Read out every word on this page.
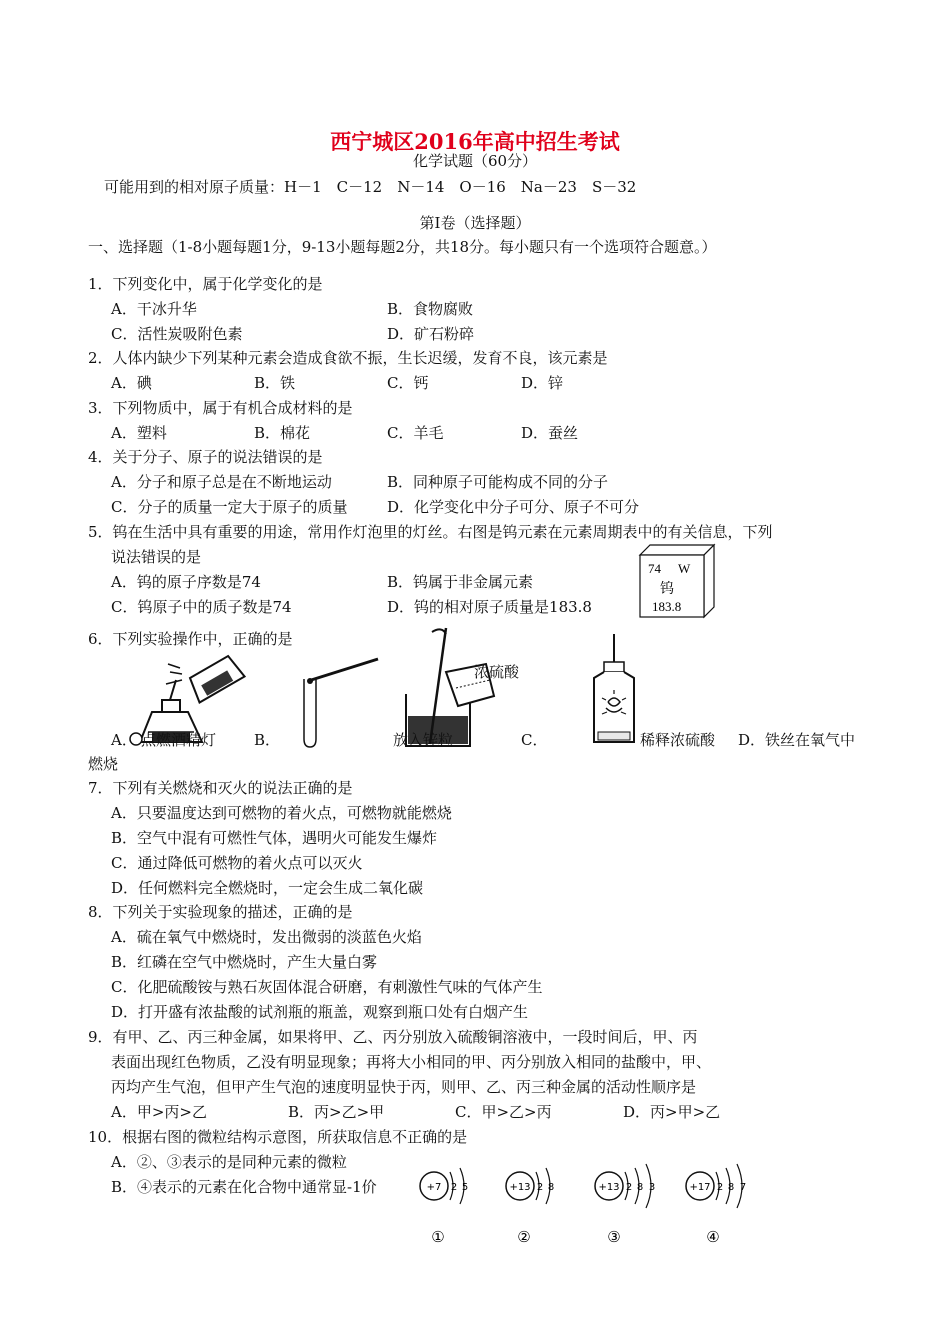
西宁城区2016年高中招生考试
化学试题（60分）
可能用到的相对原子质量：H－1　C－12　N－14　O－16　Na－23　S－32
第Ⅰ卷（选择题）
一、选择题（1-8小题每题1分，9-13小题每题2分，共18分。每小题只有一个选项符合题意。）
1．下列变化中，属于化学变化的是
A．干冰升华	B．食物腐败
C．活性炭吸附色素	D．矿石粉碎
2．人体内缺少下列某种元素会造成食欲不振，生长迟缓，发育不良，该元素是
A．碘	B．铁	C．钙	D．锌
3．下列物质中，属于有机合成材料的是
A．塑料	B．棉花	C．羊毛	D．蚕丝
4．关于分子、原子的说法错误的是
A．分子和原子总是在不断地运动	B．同种原子可能构成不同的分子
C．分子的质量一定大于原子的质量	D．化学变化中分子可分、原子不可分
5．钨在生活中具有重要的用途，常用作灯泡里的灯丝。右图是钨元素在元素周期表中的有关信息，下列
说法错误的是
A．钨的原子序数是74	B．钨属于非金属元素
C．钨原子中的质子数是74	D．钨的相对原子质量是183.8
74 W
钨
183.8
6．下列实验操作中，正确的是
浓硫酸
A． 点燃酒精灯	B．	放入锌粒	C．	稀释浓硫酸 D．铁丝在氧气中
燃烧
7．下列有关燃烧和灭火的说法正确的是
A．只要温度达到可燃物的着火点，可燃物就能燃烧
B．空气中混有可燃性气体，遇明火可能发生爆炸
C．通过降低可燃物的着火点可以灭火
D．任何燃料完全燃烧时，一定会生成二氧化碳
8．下列关于实验现象的描述，正确的是
A．硫在氧气中燃烧时，发出微弱的淡蓝色火焰
B．红磷在空气中燃烧时，产生大量白雾
C．化肥硫酸铵与熟石灰固体混合研磨，有刺激性气味的气体产生
D．打开盛有浓盐酸的试剂瓶的瓶盖，观察到瓶口处有白烟产生
9．有甲、乙、丙三种金属，如果将甲、乙、丙分别放入硫酸铜溶液中，一段时间后，甲、丙
表面出现红色物质，乙没有明显现象；再将大小相同的甲、丙分别放入相同的盐酸中，甲、
丙均产生气泡，但甲产生气泡的速度明显快于丙，则甲、乙、丙三种金属的活动性顺序是
A．甲>丙>乙	B．丙>乙>甲	C．甲>乙>丙	D．丙>甲>乙
10．根据右图的微粒结构示意图，所获取信息不正确的是
A．②、③表示的是同种元素的微粒
B．④表示的元素在化合物中通常显-1价	+7 2 5
①
+13 2 8
②
+13 2 8 3
③
+17 2 8 7
④
